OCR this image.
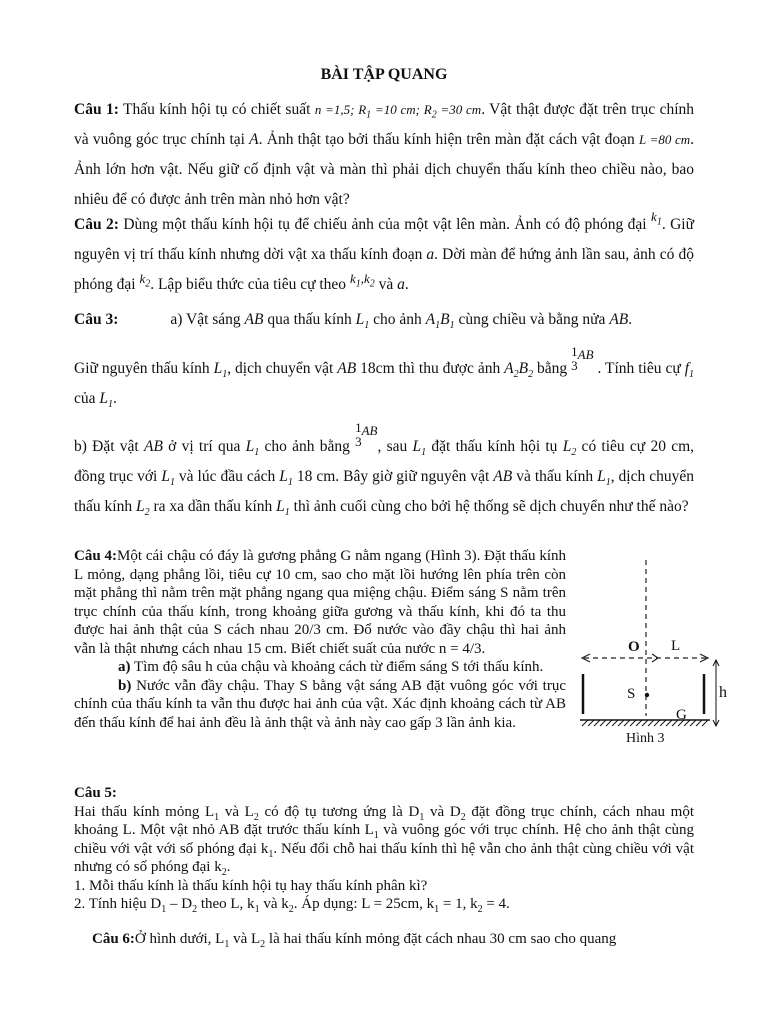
BÀI TẬP QUANG
Câu 1: Thấu kính hội tụ có chiết suất n =1,5; $R_1 =10$ cm; $R_2 =30$ cm. Vật thật được đặt trên trục chính và vuông góc trục chính tại A. Ảnh thật tạo bởi thấu kính hiện trên màn đặt cách vật đoạn L =80 cm. Ảnh lớn hơn vật. Nếu giữ cố định vật và màn thì phải dịch chuyển thấu kính theo chiều nào, bao nhiêu để có được ảnh trên màn nhỏ hơn vật?
Câu 2: Dùng một thấu kính hội tụ để chiếu ảnh của một vật lên màn. Ảnh có độ phóng đại $^{k_1}$. Giữ nguyên vị trí thấu kính nhưng dời vật xa thấu kính đoạn a. Dời màn để hứng ảnh lần sau, ảnh có độ phóng đại $^{k_2}$. Lập biểu thức của tiêu cự theo $^{k_1,k_2}$ và a.
Câu 3:	a) Vật sáng AB qua thấu kính $L_1$ cho ảnh $A_1B_1$ cùng chiều và bằng nửa AB.
Giữ nguyên thấu kính $L_1$, dịch chuyển vật AB 18cm thì thu được ảnh $A_2B_2$ bằng
1
3
$^{AB}$ . Tính tiêu cự $f_1$ của $L_1$.
b) Đặt vật AB ở vị trí qua $L_1$ cho ảnh bằng
1
3
$^{AB}$, sau $L_1$ đặt thấu kính hội tụ $L_2$ có tiêu cự 20 cm, đồng trục với $L_1$ và lúc đầu cách $L_1$ 18 cm. Bây giờ giữ nguyên vật AB và thấu kính $L_1$, dịch chuyển thấu kính $L_2$ ra xa dần thấu kính $L_1$ thì ảnh cuối cùng cho bởi hệ thống sẽ dịch chuyển như thế nào?
Câu 4:Một cái chậu có đáy là gương phẳng G nằm ngang (Hình 3). Đặt thấu kính L mỏng, dạng phẳng lồi, tiêu cự 10 cm, sao cho mặt lồi hướng lên phía trên còn mặt phẳng thì nằm trên mặt phẳng ngang qua miệng chậu. Điểm sáng S nằm trên trục chính của thấu kính, trong khoảng giữa gương và thấu kính, khi đó ta thu được hai ảnh thật của S cách nhau 20/3 cm. Đổ nước vào đầy chậu thì hai ảnh vẫn là thật nhưng cách nhau 15 cm. Biết chiết suất của nước n = 4/3.
a) Tìm độ sâu h của chậu và khoảng cách từ điểm sáng S tới thấu kính.
b) Nước vẫn đầy chậu. Thay S bằng vật sáng AB đặt vuông góc với trục chính của thấu kính ta vẫn thu được hai ảnh của vật. Xác định khoảng cách từ AB đến thấu kính để hai ảnh đều là ảnh thật và ảnh này cao gấp 3 lần ảnh kia.
Câu 5:
Hai thấu kính mỏng $L_1$ và $L_2$ có độ tụ tương ứng là $D_1$ và $D_2$ đặt đồng trục chính, cách nhau một khoảng L. Một vật nhỏ AB đặt trước thấu kính $L_1$ và vuông góc với trục chính. Hệ cho ảnh thật cùng chiều với vật với số phóng đại $k_1$. Nếu đổi chỗ hai thấu kính thì hệ vẫn cho ảnh thật cùng chiều với vật nhưng có số phóng đại $k_2$.
1. Mỗi thấu kính là thấu kính hội tụ hay thấu kính phân kì?
2. Tính hiệu $D_1 - D_2$ theo L, $k_1$ và $k_2$. Áp dụng: L = 25cm, $k_1 = 1$, $k_2 = 4$.
Câu 6:Ở hình dưới, $L_1$ và $L_2$ là hai thấu kính mỏng đặt cách nhau 30 cm sao cho quang
O L
S	h
G
Hình 3
